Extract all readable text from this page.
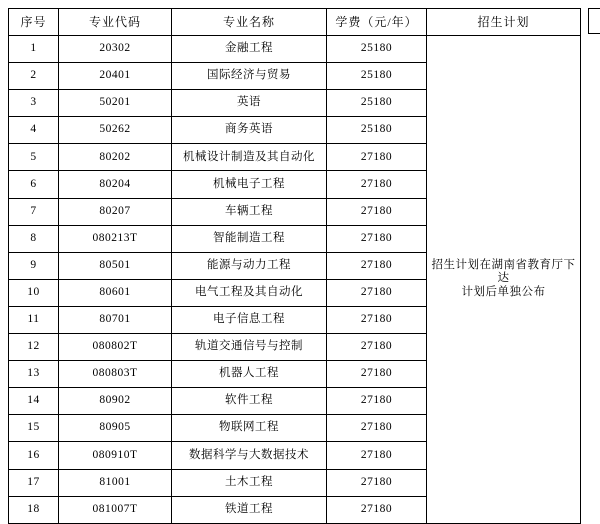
序号	专业代码	专业名称	学费（元/年）	招生计划
1	20302	金融工程	25180	招生计划在湖南省教育厅下达
计划后单独公布

2	20401	国际经济与贸易	25180	
3	50201	英语	25180	
4	50262	商务英语	25180	
5	80202	机械设计制造及其自动化	27180	
6	80204	机械电子工程	27180	
7	80207	车辆工程	27180	
8	080213T	智能制造工程	27180	
9	80501	能源与动力工程	27180	
10	80601	电气工程及其自动化	27180	
11	80701	电子信息工程	27180	
12	080802T	轨道交通信号与控制	27180	
13	080803T	机器人工程	27180	
14	80902	软件工程	27180	
15	80905	物联网工程	27180	
16	080910T	数据科学与大数据技术	27180	
17	81001	土木工程	27180	
18	081007T	铁道工程	27180	
